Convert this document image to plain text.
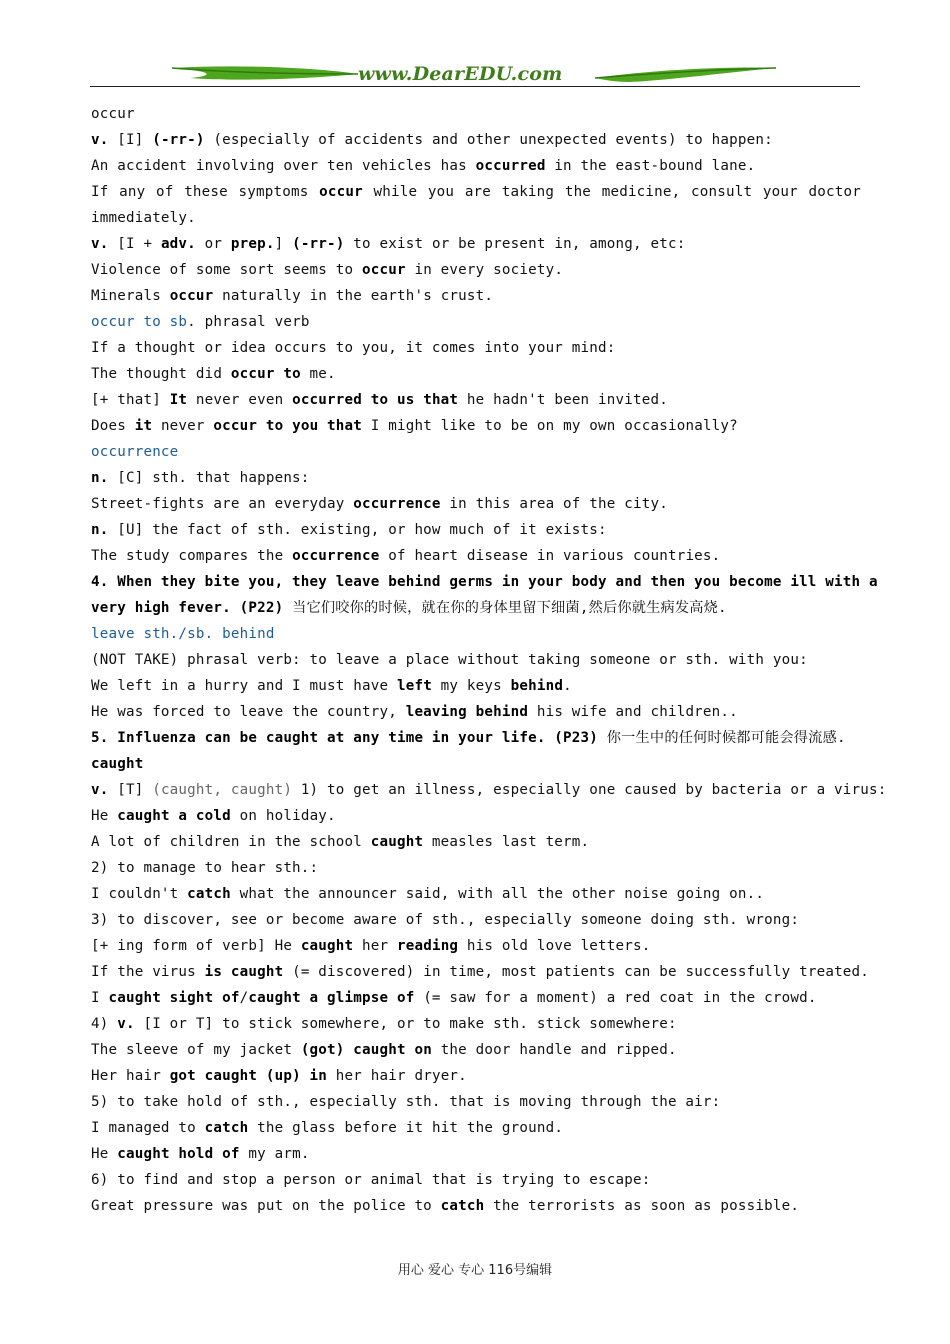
www.DearEDU.com
occur
v. [I] (-rr-) (especially of accidents and other unexpected events) to happen:
An accident involving over ten vehicles has occurred in the east-bound lane.
If any of these symptoms occur while you are taking the medicine, consult your doctor
immediately.
v. [I + adv. or prep.] (-rr-) to exist or be present in, among, etc:
Violence of some sort seems to occur in every society.
Minerals occur naturally in the earth's crust.
occur to sb. phrasal verb
If a thought or idea occurs to you, it comes into your mind:
The thought did occur to me.
[+ that] It never even occurred to us that he hadn't been invited.
Does it never occur to you that I might like to be on my own occasionally?
occurrence
n. [C] sth. that happens:
Street-fights are an everyday occurrence in this area of the city.
n. [U] the fact of sth. existing, or how much of it exists:
The study compares the occurrence of heart disease in various countries.
4. When they bite you, they leave behind germs in your body and then you become ill with a
very high fever. (P22) 当它们咬你的时候，就在你的身体里留下细菌,然后你就生病发高烧.
leave sth./sb. behind
(NOT TAKE) phrasal verb: to leave a place without taking someone or sth. with you:
We left in a hurry and I must have left my keys behind.
He was forced to leave the country, leaving behind his wife and children..
5. Influenza can be caught at any time in your life. (P23) 你一生中的任何时候都可能会得流感.
caught
v. [T] (caught, caught) 1) to get an illness, especially one caused by bacteria or a virus:
He caught a cold on holiday.
A lot of children in the school caught measles last term.
2) to manage to hear sth.:
I couldn't catch what the announcer said, with all the other noise going on..
3) to discover, see or become aware of sth., especially someone doing sth. wrong:
[+ ing form of verb] He caught her reading his old love letters.
If the virus is caught (= discovered) in time, most patients can be successfully treated.
I caught sight of/caught a glimpse of (= saw for a moment) a red coat in the crowd.
4) v. [I or T] to stick somewhere, or to make sth. stick somewhere:
The sleeve of my jacket (got) caught on the door handle and ripped.
Her hair got caught (up) in her hair dryer.
5) to take hold of sth., especially sth. that is moving through the air:
I managed to catch the glass before it hit the ground.
He caught hold of my arm.
6) to find and stop a person or animal that is trying to escape:
Great pressure was put on the police to catch the terrorists as soon as possible.
用心 爱心 专心 116号编辑
